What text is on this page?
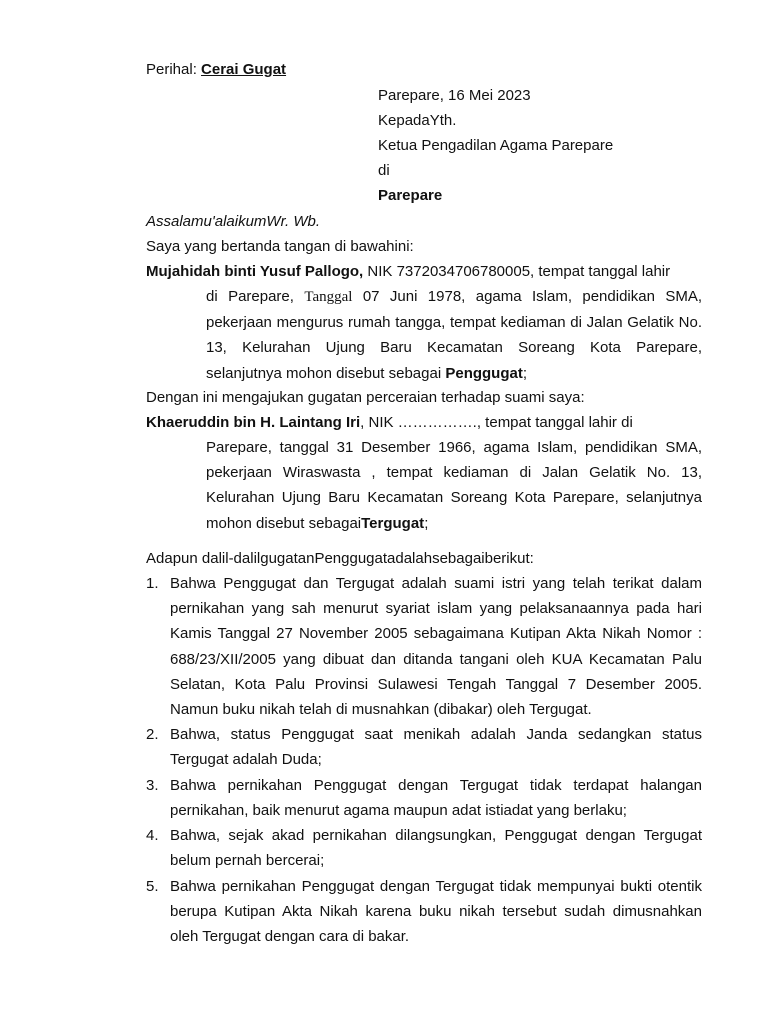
Perihal: Cerai Gugat
Parepare, 16 Mei 2023
KepadaYth.
Ketua Pengadilan Agama Parepare
di
Parepare
Assalamu'alaikumWr. Wb.
Saya yang bertanda tangan di bawahini:
Mujahidah binti Yusuf Pallogo, NIK 7372034706780005, tempat tanggal lahir
di Parepare, Tanggal 07 Juni 1978, agama Islam, pendidikan SMA, pekerjaan mengurus rumah tangga, tempat kediaman di Jalan Gelatik No. 13, Kelurahan Ujung Baru Kecamatan Soreang Kota Parepare, selanjutnya mohon disebut sebagai Penggugat;
Dengan ini mengajukan gugatan perceraian terhadap suami saya:
Khaeruddin bin H. Laintang Iri, NIK ……………., tempat tanggal lahir di
Parepare, tanggal 31 Desember 1966, agama Islam, pendidikan SMA, pekerjaan Wiraswasta , tempat kediaman di Jalan Gelatik No. 13, Kelurahan Ujung Baru Kecamatan Soreang Kota Parepare, selanjutnya mohon disebut sebagaiTergugat;
Adapun dalil-dalilgugatanPenggugatadalahsebagaiberikut:
1. Bahwa Penggugat dan Tergugat adalah suami istri yang telah terikat dalam pernikahan yang sah menurut syariat islam yang pelaksanaannya pada hari Kamis Tanggal 27 November 2005 sebagaimana Kutipan Akta Nikah Nomor : 688/23/XII/2005 yang dibuat dan ditanda tangani oleh KUA Kecamatan Palu Selatan, Kota Palu Provinsi Sulawesi Tengah Tanggal 7 Desember 2005. Namun buku nikah telah di musnahkan (dibakar) oleh Tergugat.
2. Bahwa, status Penggugat saat menikah adalah Janda sedangkan status Tergugat adalah Duda;
3. Bahwa pernikahan Penggugat dengan Tergugat tidak terdapat halangan pernikahan, baik menurut agama maupun adat istiadat yang berlaku;
4. Bahwa, sejak akad pernikahan dilangsungkan, Penggugat dengan Tergugat belum pernah bercerai;
5. Bahwa pernikahan Penggugat dengan Tergugat tidak mempunyai bukti otentik berupa Kutipan Akta Nikah karena buku nikah tersebut sudah dimusnahkan oleh Tergugat dengan cara di bakar.
